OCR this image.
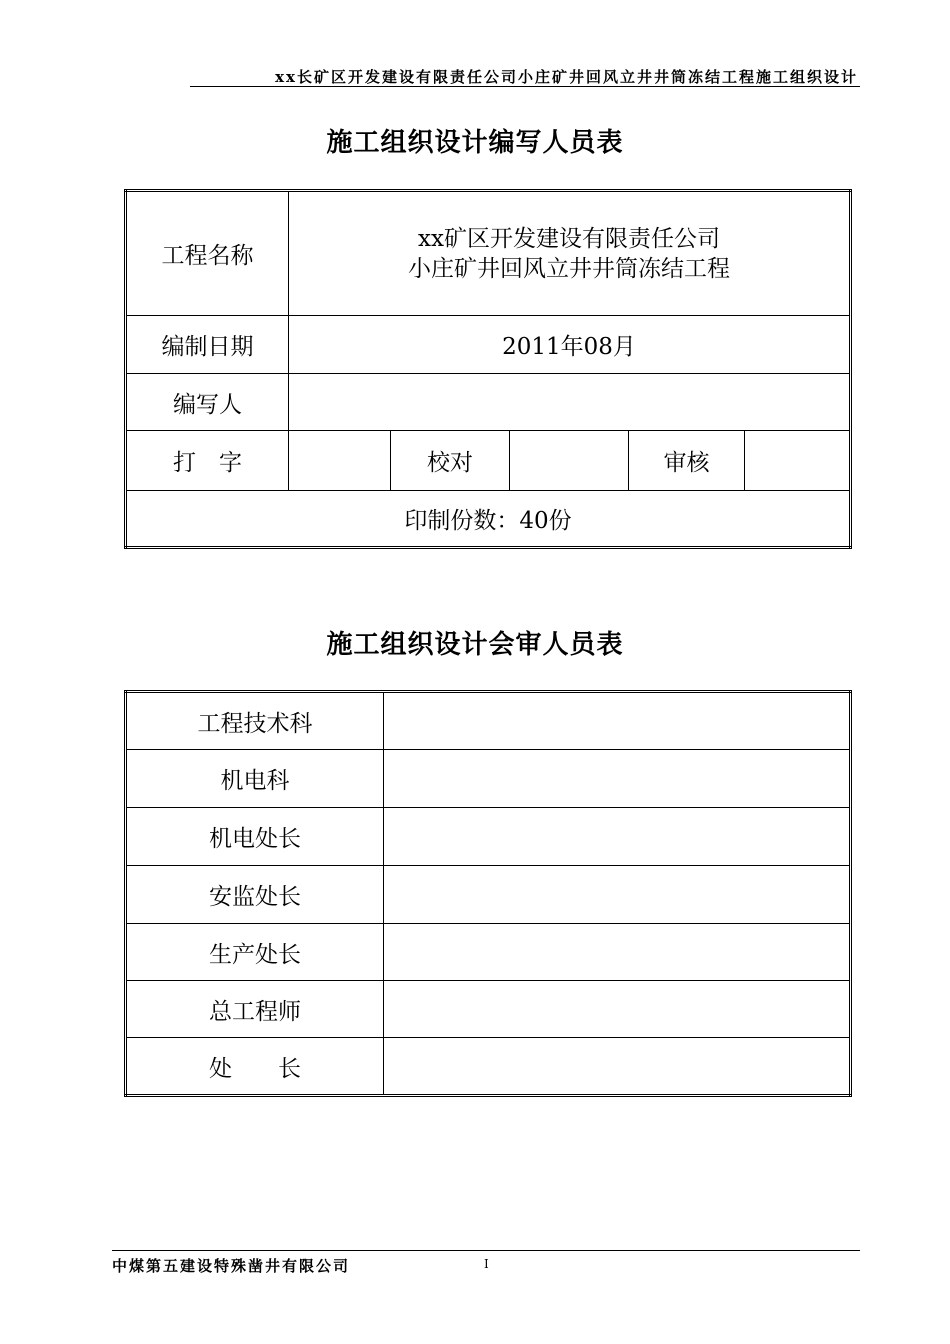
xx长矿区开发建设有限责任公司小庄矿井回风立井井筒冻结工程施工组织设计
施工组织设计编写人员表
工程名称	xx矿区开发建设有限责任公司
小庄矿井回风立井井筒冻结工程				

编制日期	2011年08月				
编写人					
打　字		校对		审核	
印制份数：40份					
施工组织设计会审人员表
工程技术科	
机电科	
机电处长	
安监处长	
生产处长	
总工程师	
处　　长	
中煤第五建设特殊凿井有限公司	I
